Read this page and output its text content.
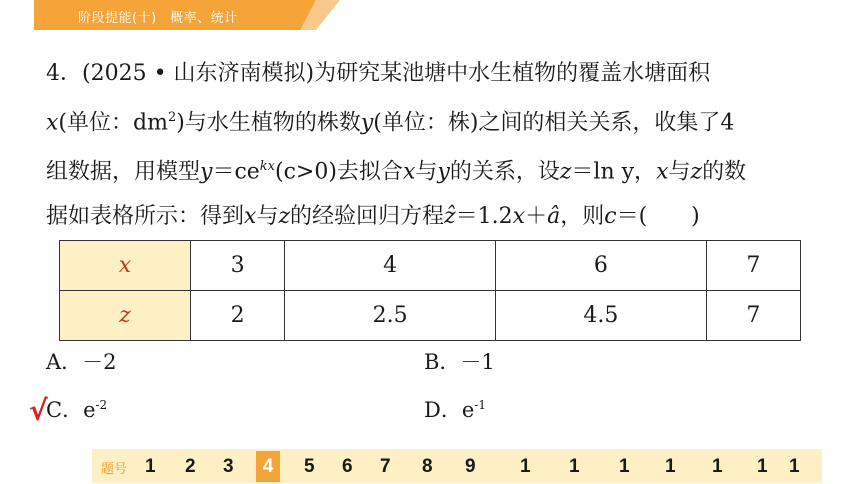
阶段提能(十)　概率、统计
4．(2025 • 山东济南模拟)为研究某池塘中水生植物的覆盖水塘面积
x(单位：$dm^2$)与水生植物的株数y(单位：株)之间的相关关系，收集了4
组数据，用模型$y=ce^{kx}(c>0)$去拟合x与y的关系，设z＝ln y，x与z的数
据如表格所示：得到x与z的经验回归方程ẑ＝1.2x＋â，则c＝(　　)
x	3	4	6	7
z	2	2.5	4.5	7
A．－2	B．－1
√
C．$e^{-2}$	D．$e^{-1}$
题号 1 2 3	4	5 6 7 8 9 1 1 1 1 1 1 1
